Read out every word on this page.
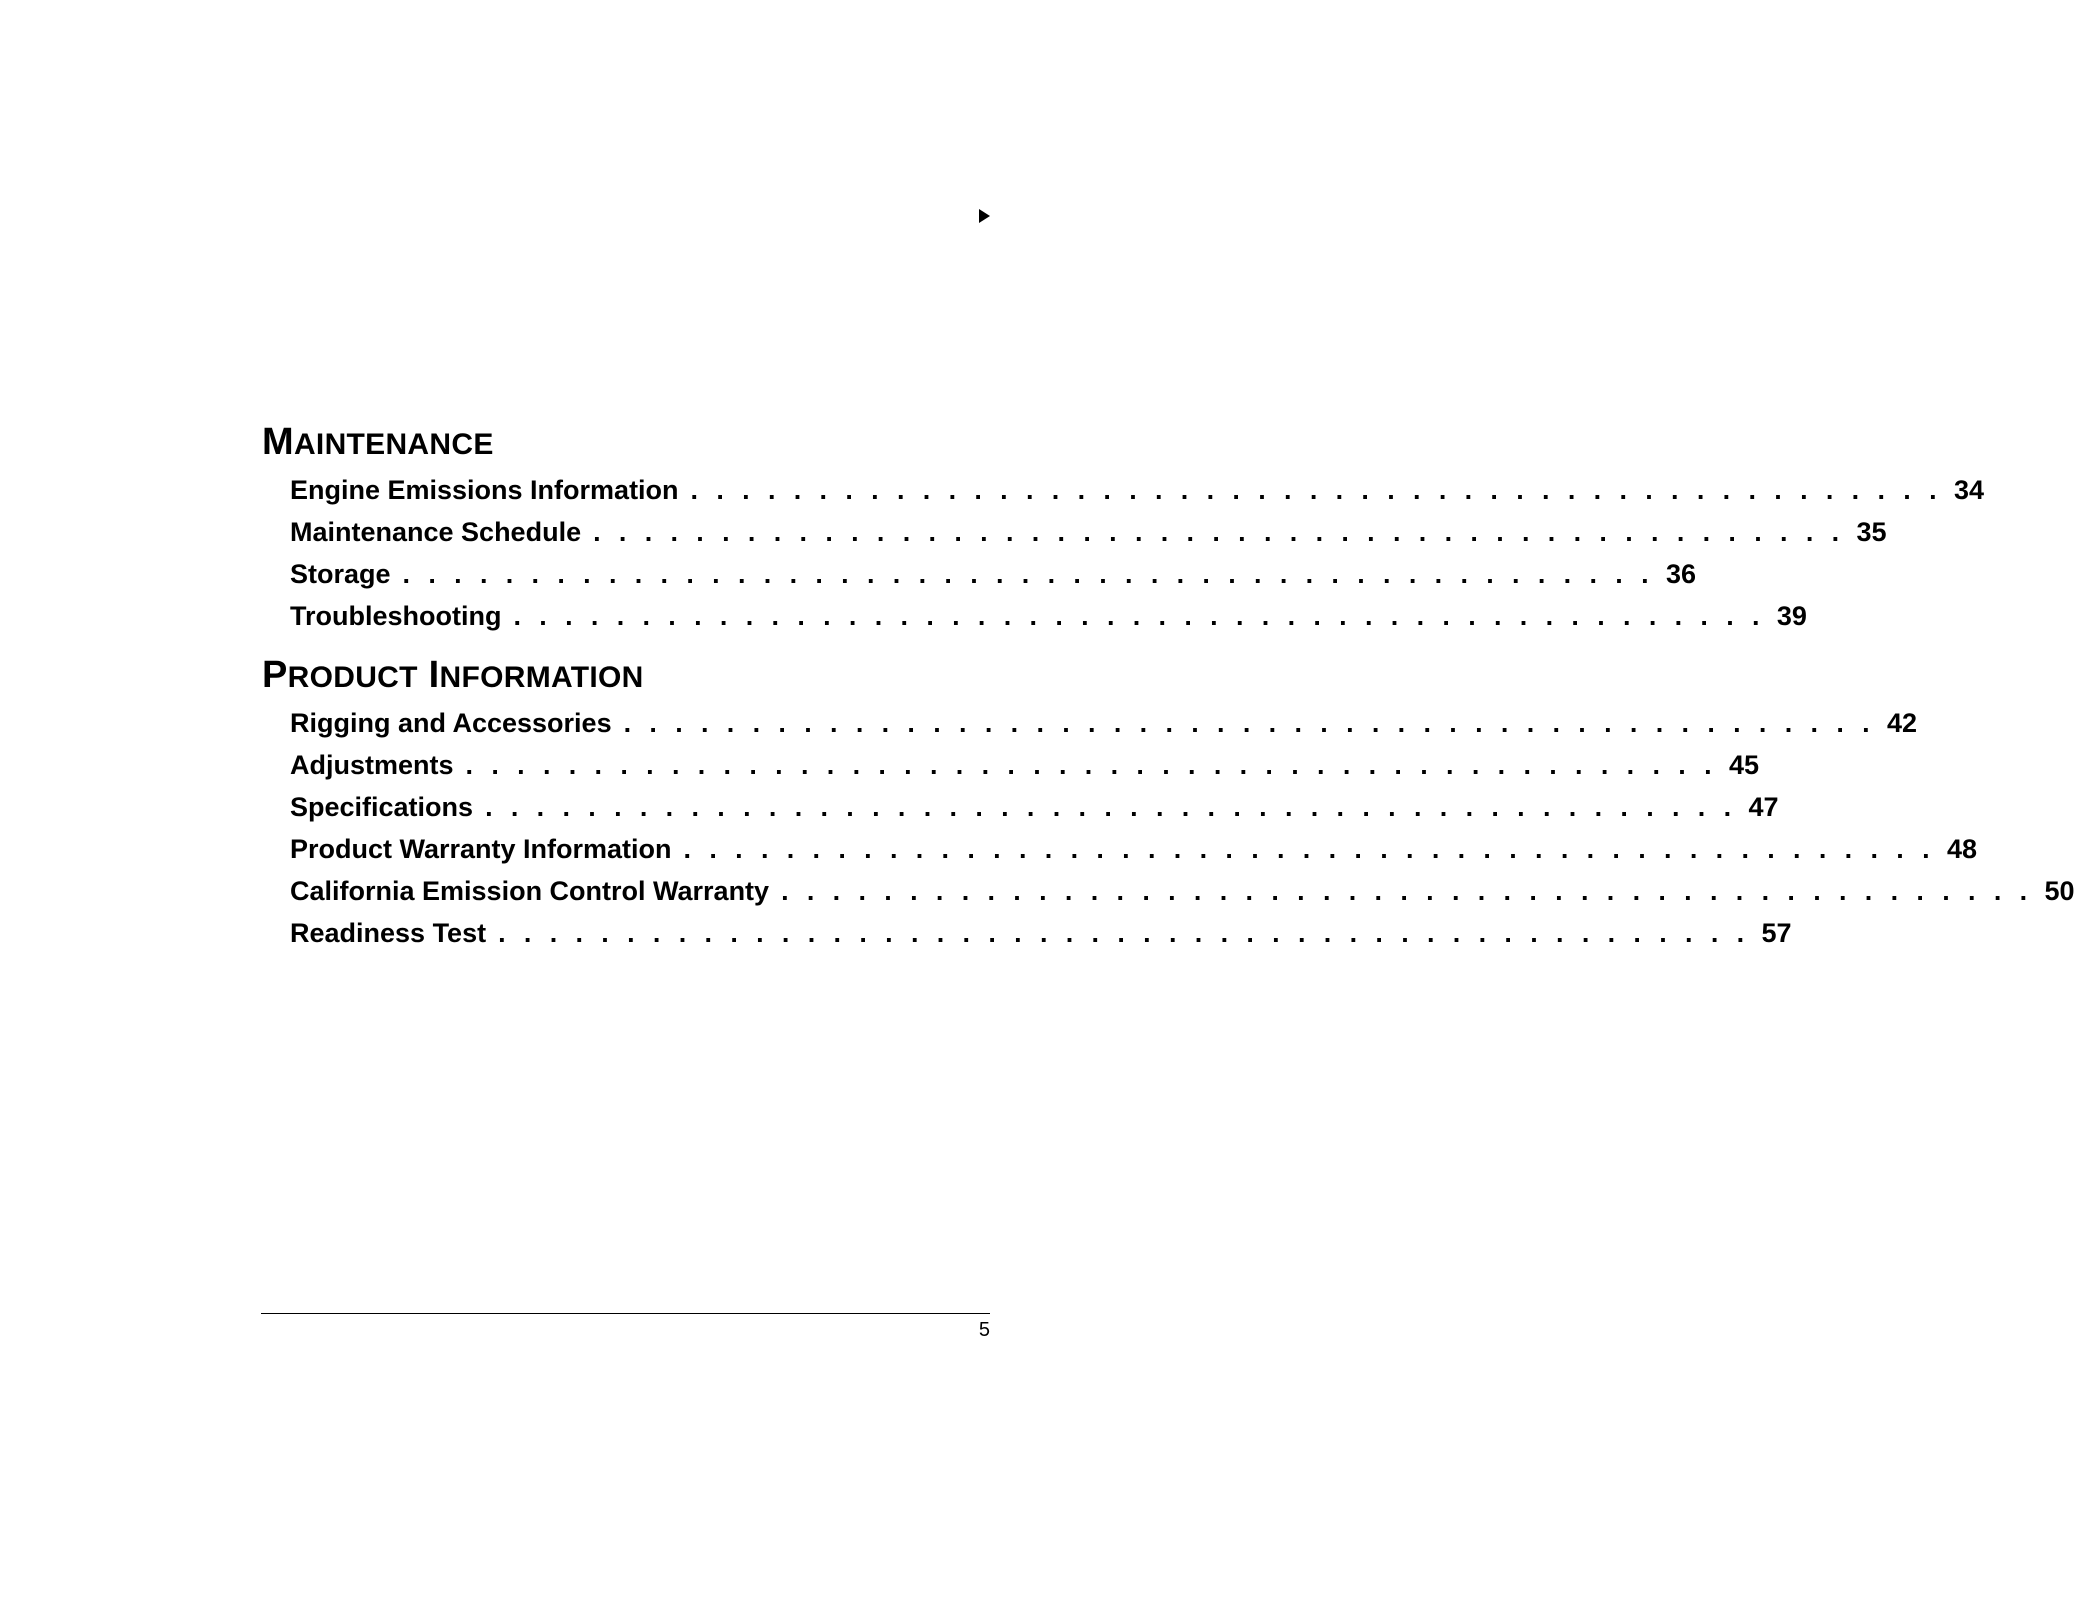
MAINTENANCE
Engine Emissions Information . . . . . . . . . . . . . . . . . . . . . . . . . . . . . . . . . . . . . . . . . . . . . . . . . 34
Maintenance Schedule . . . . . . . . . . . . . . . . . . . . . . . . . . . . . . . . . . . . . . . . . . . . . . . . . 35
Storage . . . . . . . . . . . . . . . . . . . . . . . . . . . . . . . . . . . . . . . . . . . . . . . . . 36
Troubleshooting . . . . . . . . . . . . . . . . . . . . . . . . . . . . . . . . . . . . . . . . . . . . . . . . . 39
PRODUCT INFORMATION
Rigging and Accessories . . . . . . . . . . . . . . . . . . . . . . . . . . . . . . . . . . . . . . . . . . . . . . . . . 42
Adjustments . . . . . . . . . . . . . . . . . . . . . . . . . . . . . . . . . . . . . . . . . . . . . . . . . 45
Specifications . . . . . . . . . . . . . . . . . . . . . . . . . . . . . . . . . . . . . . . . . . . . . . . . . 47
Product Warranty Information . . . . . . . . . . . . . . . . . . . . . . . . . . . . . . . . . . . . . . . . . . . . . . . . . 48
California Emission Control Warranty . . . . . . . . . . . . . . . . . . . . . . . . . . . . . . . . . . . . . . . . . . . . . . . . . 50
Readiness Test . . . . . . . . . . . . . . . . . . . . . . . . . . . . . . . . . . . . . . . . . . . . . . . . . 57
5
